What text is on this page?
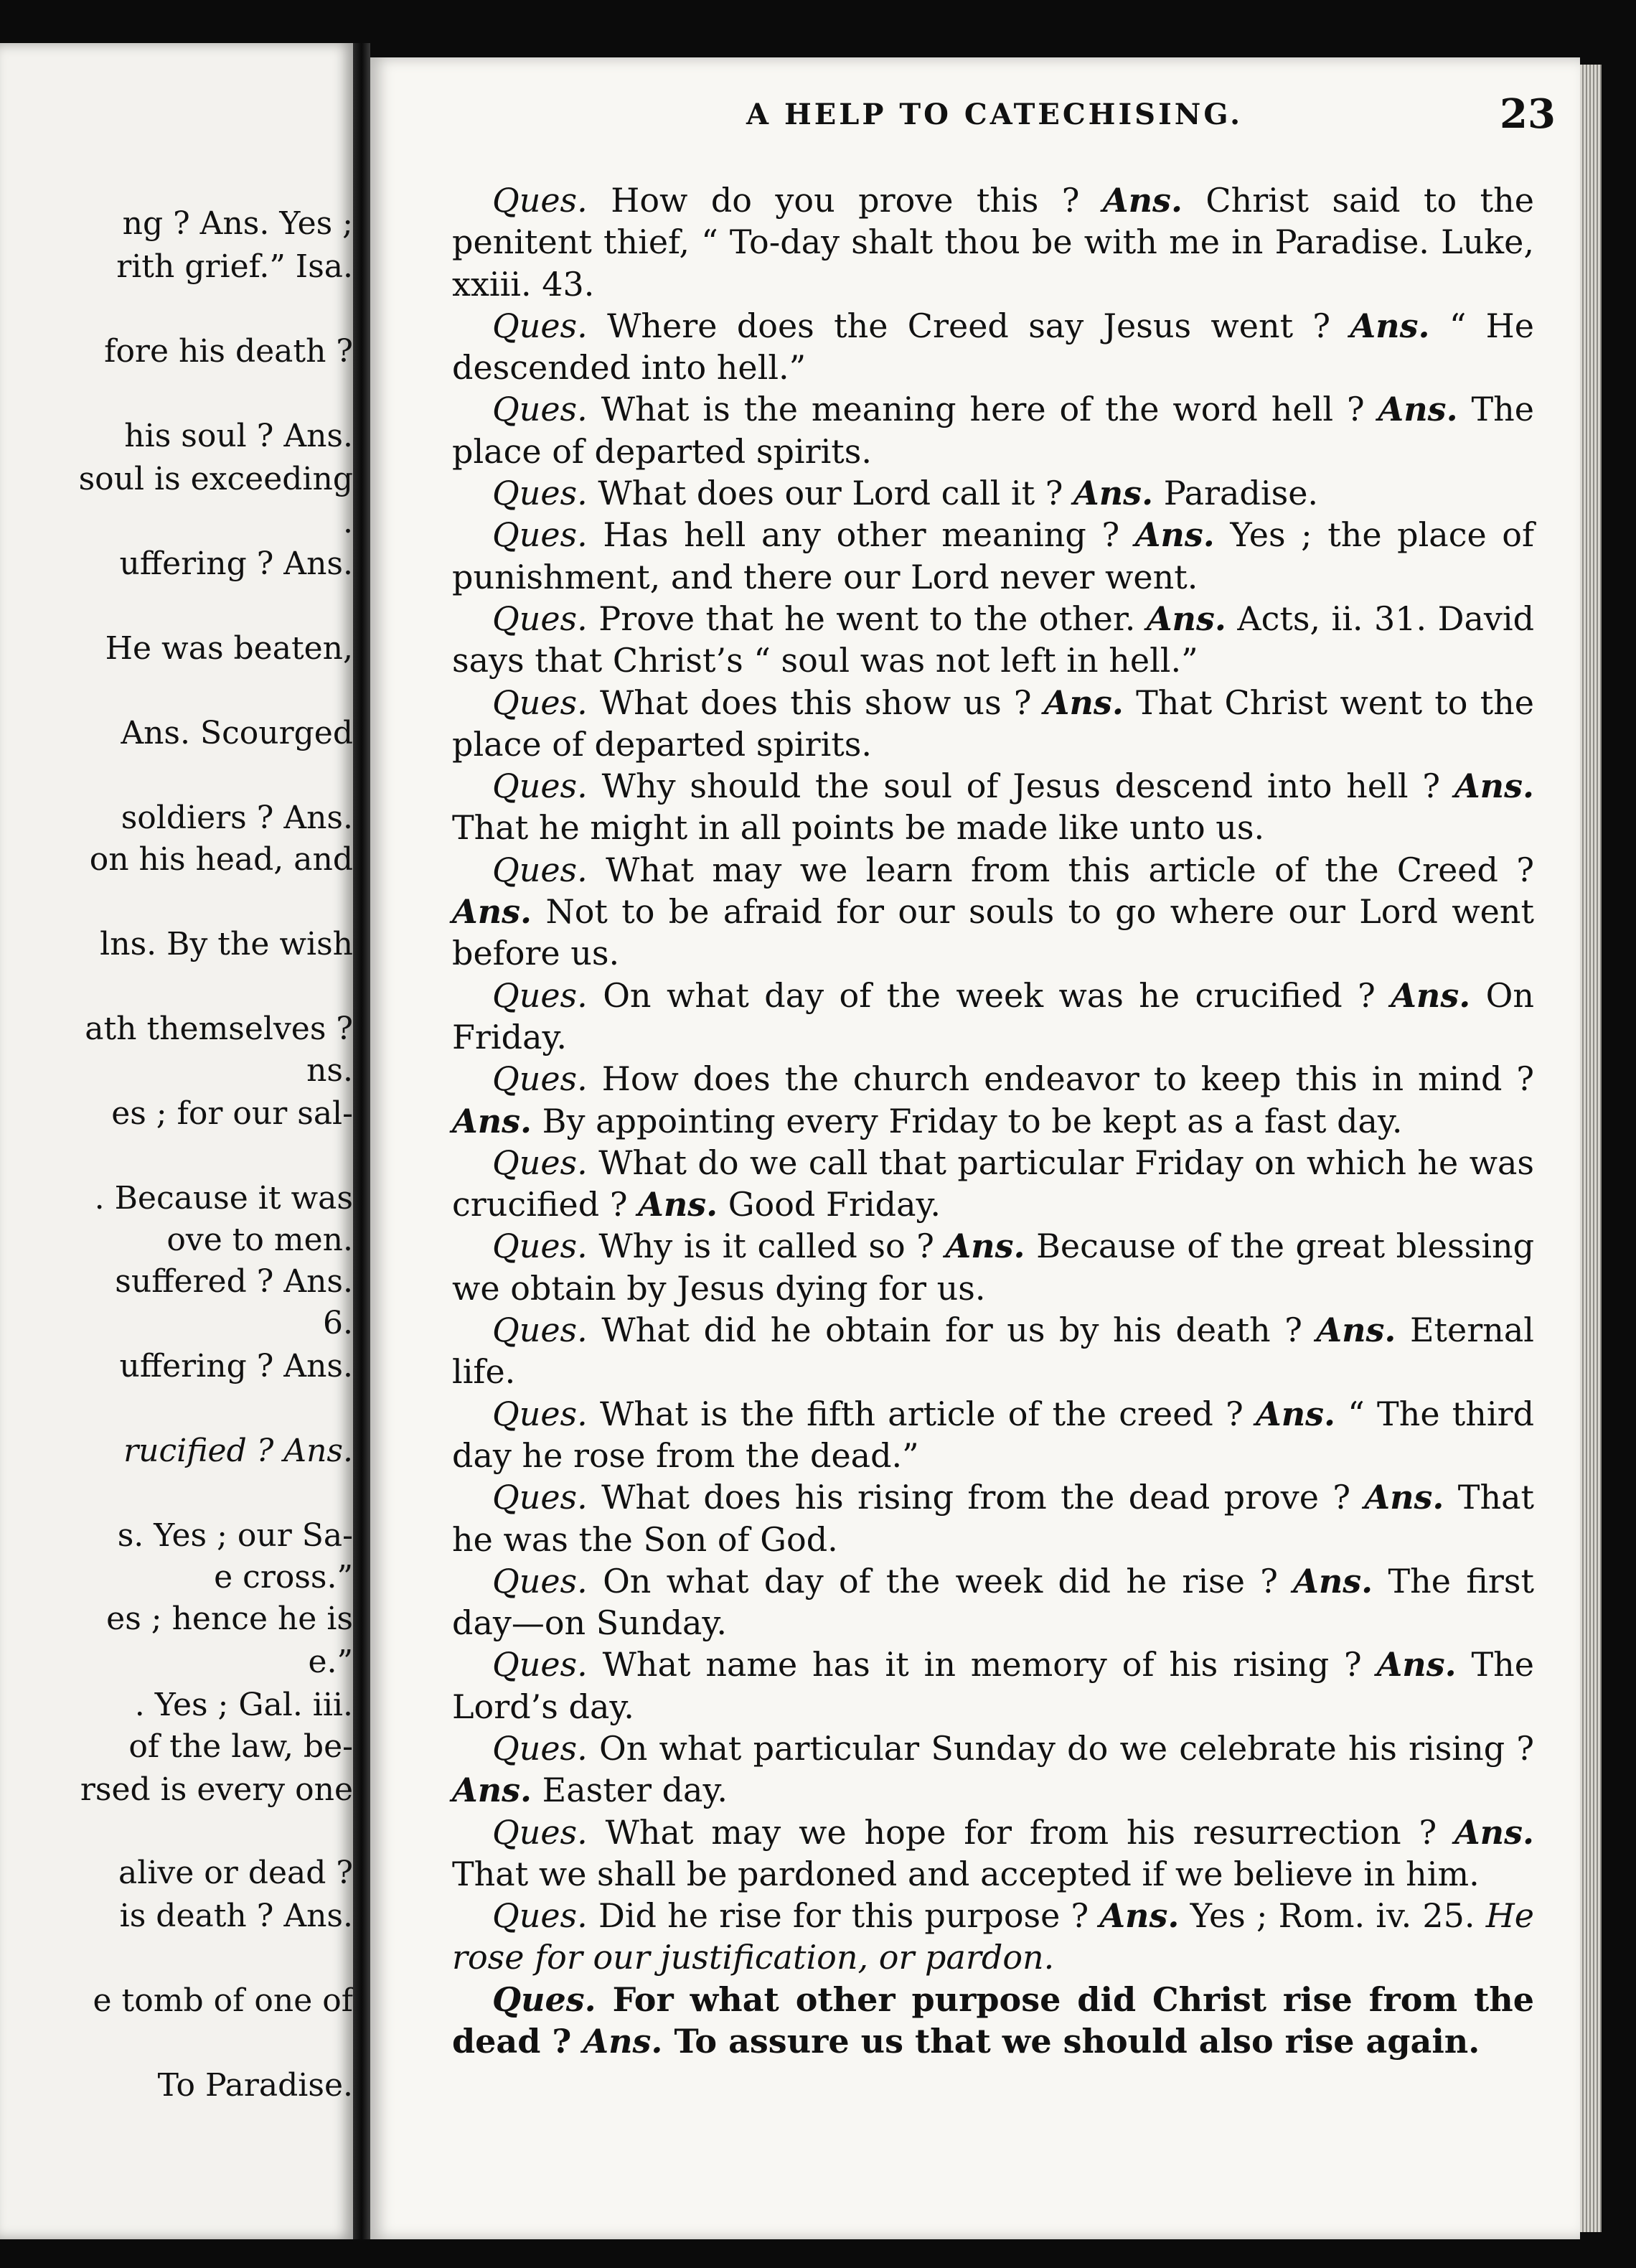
ng ? Ans. Yes ;
rith grief.” Isa.
fore his death ?
his soul ? Ans.
soul is exceeding
.
uffering ? Ans.
He was beaten,
Ans. Scourged
soldiers ? Ans.
on his head, and
lns. By the wish
ath themselves ?
ns.
es ; for our sal-
. Because it was
ove to men.
suffered ? Ans.
6.
uffering ? Ans.
rucified ? Ans.
s. Yes ; our Sa-
e cross.”
es ; hence he is
e.”
. Yes ; Gal. iii.
of the law, be-
rsed is every one
alive or dead ?
is death ? Ans.
e tomb of one of
To Paradise.
A HELP TO CATECHISING.	23

Ques. How do you prove this ? Ans. Christ said to the penitent thief, “ To-day shalt thou be with me in Paradise. Luke, xxiii. 43.

Ques. Where does the Creed say Jesus went ? Ans. “ He descended into hell.”

Ques. What is the meaning here of the word hell ? Ans. The place of departed spirits.

Ques. What does our Lord call it ? Ans. Paradise.

Ques. Has hell any other meaning ? Ans. Yes ; the place of punishment, and there our Lord never went.

Ques. Prove that he went to the other. Ans. Acts, ii. 31. David says that Christ’s “ soul was not left in hell.”

Ques. What does this show us ? Ans. That Christ went to the place of departed spirits.

Ques. Why should the soul of Jesus descend into hell ? Ans. That he might in all points be made like unto us.

Ques. What may we learn from this article of the Creed ? Ans. Not to be afraid for our souls to go where our Lord went before us.

Ques. On what day of the week was he crucified ? Ans. On Friday.

Ques. How does the church endeavor to keep this in mind ? Ans. By appointing every Friday to be kept as a fast day.

Ques. What do we call that particular Friday on which he was crucified ? Ans. Good Friday.

Ques. Why is it called so ? Ans. Because of the great blessing we obtain by Jesus dying for us.

Ques. What did he obtain for us by his death ? Ans. Eternal life.

Ques. What is the fifth article of the creed ? Ans. “ The third day he rose from the dead.”

Ques. What does his rising from the dead prove ? Ans. That he was the Son of God.

Ques. On what day of the week did he rise ? Ans. The first day—on Sunday.

Ques. What name has it in memory of his rising ? Ans. The Lord’s day.

Ques. On what particular Sunday do we celebrate his rising ? Ans. Easter day.

Ques. What may we hope for from his resurrection ? Ans. That we shall be pardoned and accepted if we believe in him.

Ques. Did he rise for this purpose ? Ans. Yes ; Rom. iv. 25. He rose for our justification, or pardon.

Ques. For what other purpose did Christ rise from the dead ? Ans. To assure us that we should also rise again.
